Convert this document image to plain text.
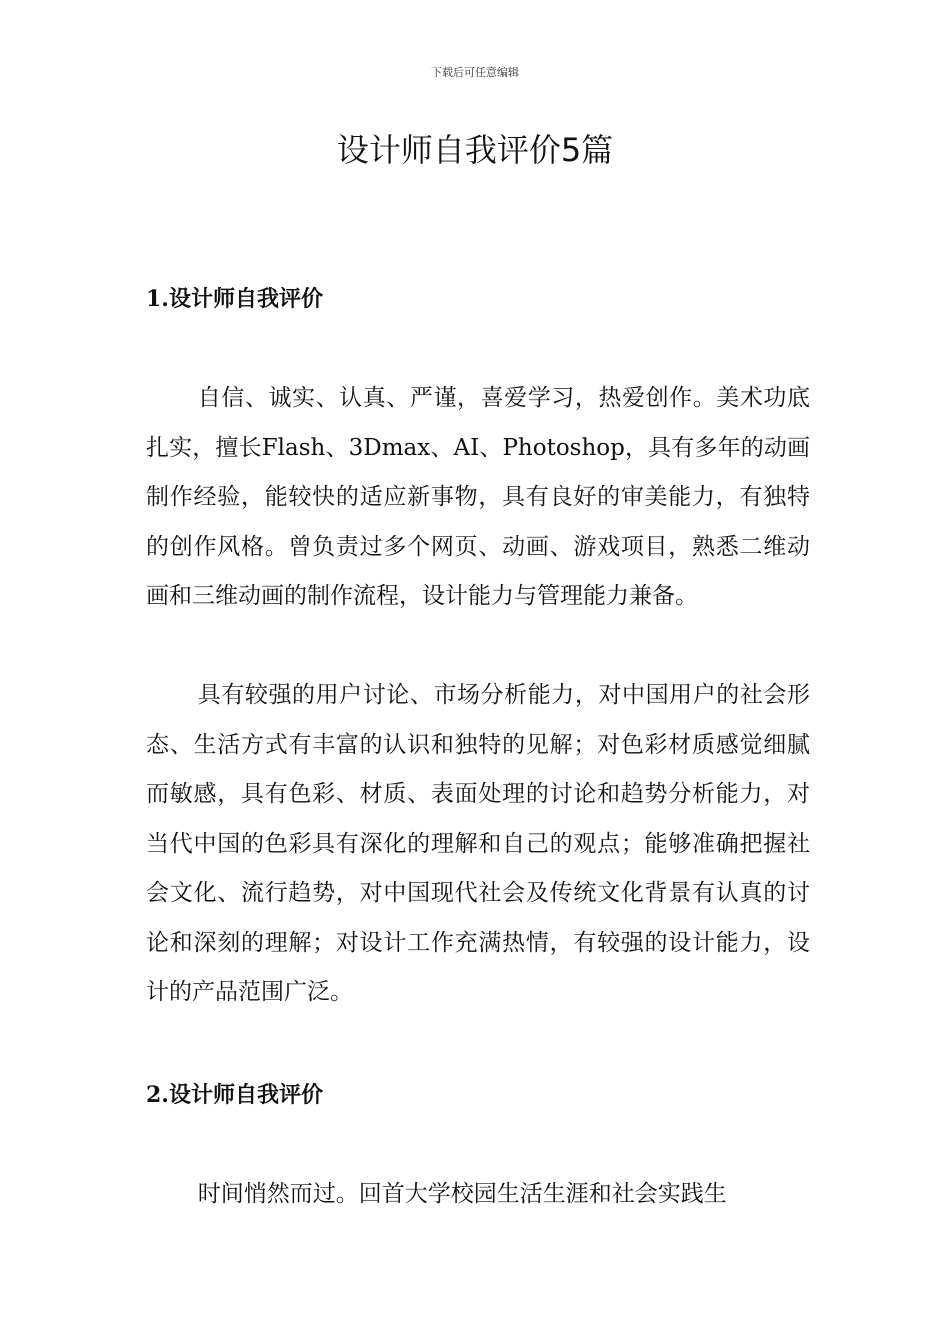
下载后可任意编辑
设计师自我评价5篇
1.设计师自我评价

自信、诚实、认真、严谨，喜爱学习，热爱创作。美术功底扎实，擅长Flash、3Dmax、AI、Photoshop，具有多年的动画制作经验，能较快的适应新事物，具有良好的审美能力，有独特的创作风格。曾负责过多个网页、动画、游戏项目，熟悉二维动画和三维动画的制作流程，设计能力与管理能力兼备。

具有较强的用户讨论、市场分析能力，对中国用户的社会形态、生活方式有丰富的认识和独特的见解；对色彩材质感觉细腻而敏感，具有色彩、材质、表面处理的讨论和趋势分析能力，对当代中国的色彩具有深化的理解和自己的观点；能够准确把握社会文化、流行趋势，对中国现代社会及传统文化背景有认真的讨论和深刻的理解；对设计工作充满热情，有较强的设计能力，设计的产品范围广泛。

2.设计师自我评价

时间悄然而过。回首大学校园生活生涯和社会实践生
